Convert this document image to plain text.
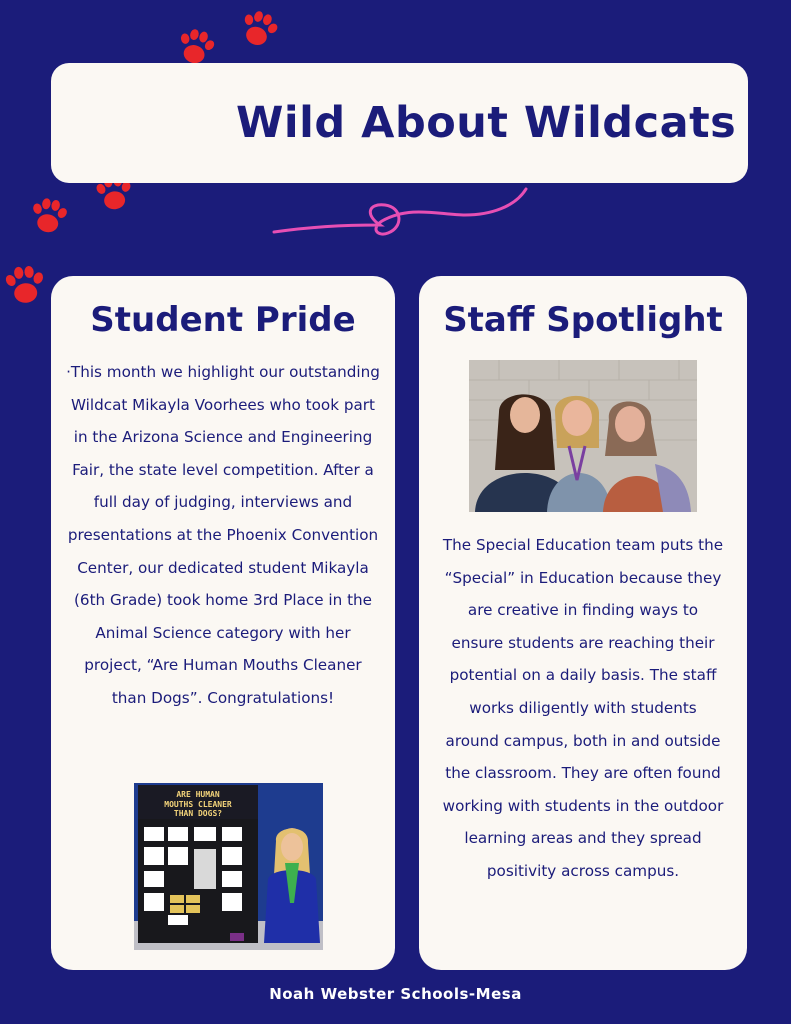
Wild About Wildcats
Student Pride
·This month we highlight our outstanding Wildcat Mikayla Voorhees who took part in the Arizona Science and Engineering Fair, the state level competition. After a full day of judging, interviews and presentations at the Phoenix Convention Center, our dedicated student Mikayla (6th Grade) took home 3rd Place in the Animal Science category with her project, “Are Human Mouths Cleaner than Dogs”. Congratulations!
ARE HUMAN
MOUTHS CLEANER
THAN DOGS?
Staff Spotlight
The Special Education team puts the “Special” in Education because they are creative in finding ways to ensure students are reaching their potential on a daily basis. The staff works diligently with students around campus, both in and outside the classroom. They are often found working with students in the outdoor learning areas and they spread positivity across campus.
Noah Webster Schools-Mesa
